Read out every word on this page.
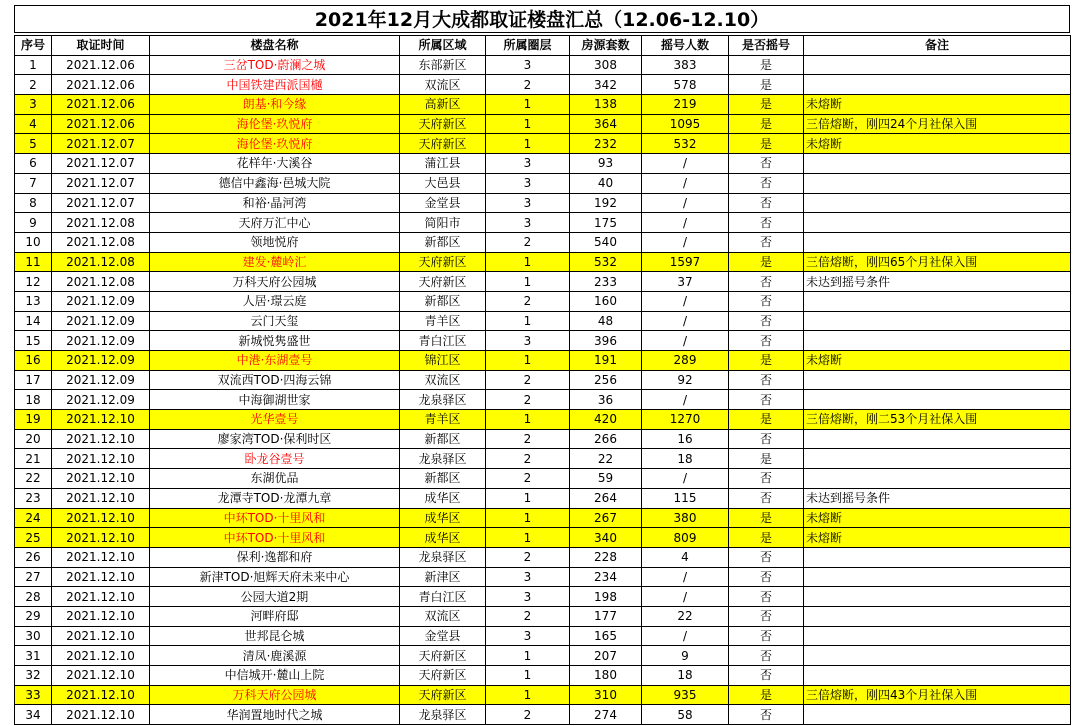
2021年12月大成都取证楼盘汇总（12.06-12.10）
序号	取证时间	楼盘名称	所属区域	所属圈层	房源套数	摇号人数	是否摇号	备注
1	2021.12.06	三岔TOD·蔚澜之城	东部新区	3	308	383	是	
2	2021.12.06	中国铁建西派国樾	双流区	2	342	578	是	
3	2021.12.06	朗基·和今缘	高新区	1	138	219	是	未熔断
4	2021.12.06	海伦堡·玖悦府	天府新区	1	364	1095	是	三倍熔断，刚四24个月社保入围
5	2021.12.07	海伦堡·玖悦府	天府新区	1	232	532	是	未熔断
6	2021.12.07	花样年·大溪谷	蒲江县	3	93	/	否	
7	2021.12.07	德信中鑫海·邑城大院	大邑县	3	40	/	否	
8	2021.12.07	和裕·晶河湾	金堂县	3	192	/	否	
9	2021.12.08	天府万汇中心	简阳市	3	175	/	否	
10	2021.12.08	领地悦府	新都区	2	540	/	否	
11	2021.12.08	建发·麓岭汇	天府新区	1	532	1597	是	三倍熔断，刚四65个月社保入围
12	2021.12.08	万科天府公园城	天府新区	1	233	37	否	未达到摇号条件
13	2021.12.09	人居·璟云庭	新都区	2	160	/	否	
14	2021.12.09	云门天玺	青羊区	1	48	/	否	
15	2021.12.09	新城悦隽盛世	青白江区	3	396	/	否	
16	2021.12.09	中港·东湖壹号	锦江区	1	191	289	是	未熔断
17	2021.12.09	双流西TOD·四海云锦	双流区	2	256	92	否	
18	2021.12.09	中海御湖世家	龙泉驿区	2	36	/	否	
19	2021.12.10	光华壹号	青羊区	1	420	1270	是	三倍熔断，刚二53个月社保入围
20	2021.12.10	廖家湾TOD·保利时区	新都区	2	266	16	否	
21	2021.12.10	卧龙谷壹号	龙泉驿区	2	22	18	是	
22	2021.12.10	东湖优品	新都区	2	59	/	否	
23	2021.12.10	龙潭寺TOD·龙潭九章	成华区	1	264	115	否	未达到摇号条件
24	2021.12.10	中环TOD·十里风和	成华区	1	267	380	是	未熔断
25	2021.12.10	中环TOD·十里风和	成华区	1	340	809	是	未熔断
26	2021.12.10	保利·逸都和府	龙泉驿区	2	228	4	否	
27	2021.12.10	新津TOD·旭辉天府未来中心	新津区	3	234	/	否	
28	2021.12.10	公园大道2期	青白江区	3	198	/	否	
29	2021.12.10	河畔府邸	双流区	2	177	22	否	
30	2021.12.10	世邦昆仑城	金堂县	3	165	/	否	
31	2021.12.10	清凤·鹿溪源	天府新区	1	207	9	否	
32	2021.12.10	中信城开·麓山上院	天府新区	1	180	18	否	
33	2021.12.10	万科天府公园城	天府新区	1	310	935	是	三倍熔断，刚四43个月社保入围
34	2021.12.10	华润置地时代之城	龙泉驿区	2	274	58	否	
